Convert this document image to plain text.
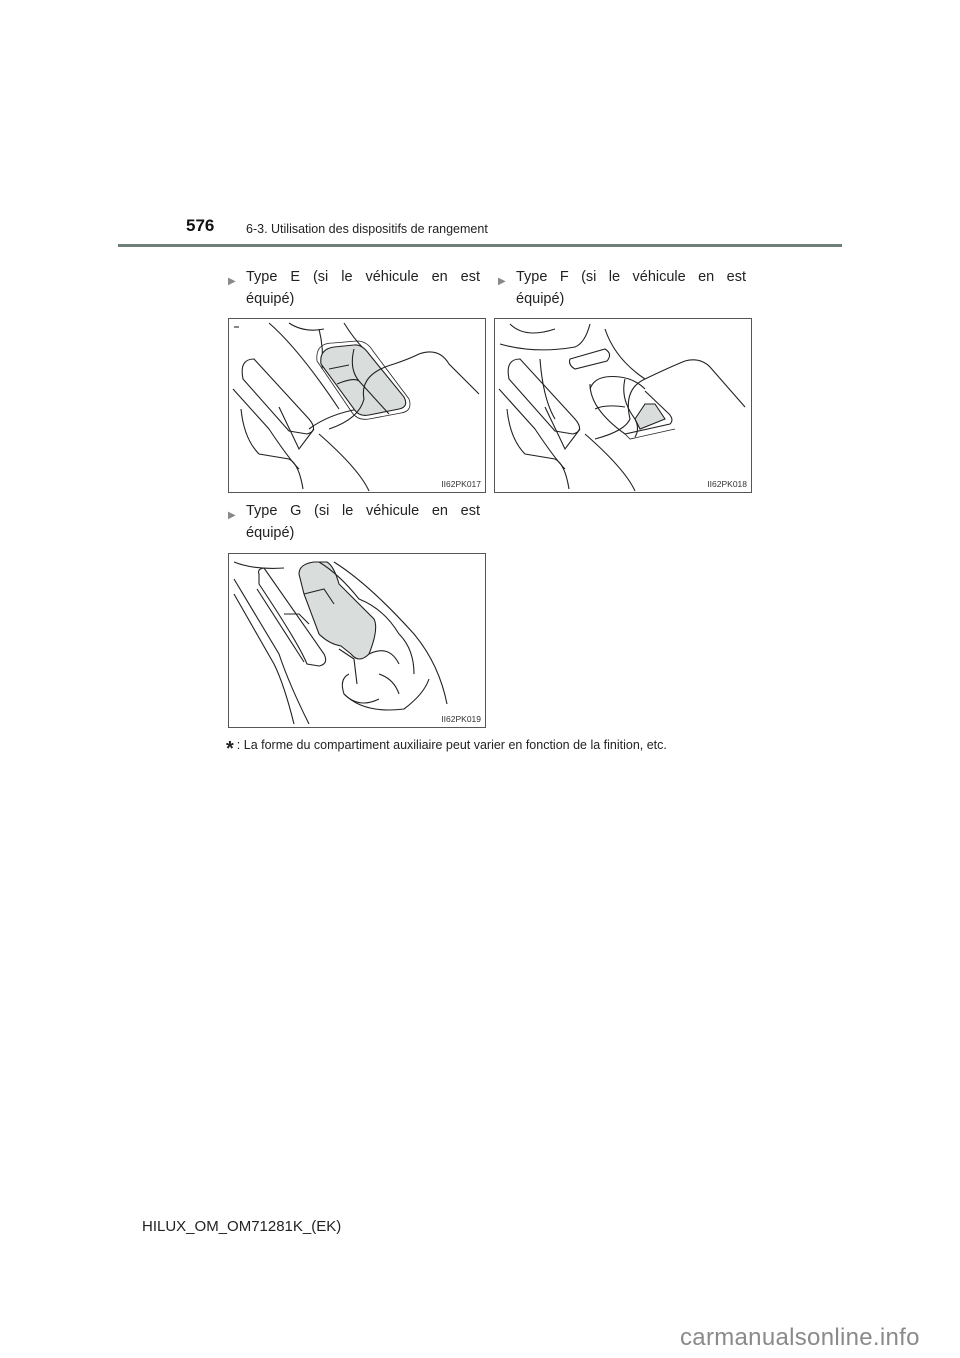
576	6-3. Utilisation des dispositifs de rangement
▶ Type E (si le véhicule en est
équipé)
II62PK017
▶ Type F (si le véhicule en est
équipé)
II62PK018
▶ Type G (si le véhicule en est
équipé)
II62PK019
* : La forme du compartiment auxiliaire peut varier en fonction de la finition, etc.
HILUX_OM_OM71281K_(EK)
carmanualsonline.info
